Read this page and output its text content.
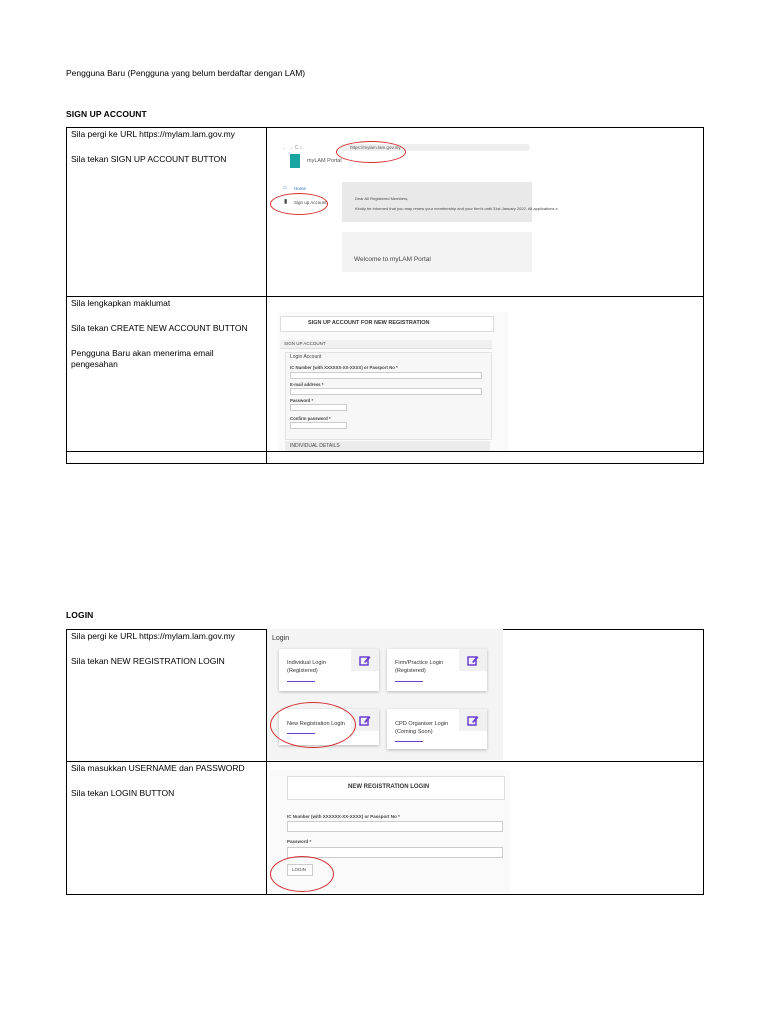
Pengguna Baru (Pengguna yang belum berdaftar dengan LAM)
SIGN UP ACCOUNT
Sila pergi ke URL https://mylam.lam.gov.my
Sila tekan SIGN UP ACCOUNT BUTTON
Sila lengkapkan maklumat
Sila tekan CREATE NEW ACCOUNT BUTTON
Pengguna Baru akan menerima email pengesahan
← → C ⌂	https://mylam.lam.gov.my
myLAM Portal
⌂ Home
▮ Sign up Account
Dear All Registered Members,
Kindly be informed that you may renew your membership and your firm's until 31st January 2022. All applications s
Welcome to myLAM Portal
SIGN UP ACCOUNT FOR NEW REGISTRATION
SIGN UP ACCOUNT
Login Account
IC Number (with XXXXXX-XX-XXXX) or Passport No *
E-mail address *
Password *
Confirm password *
INDIVIDUAL DETAILS
LOGIN
Sila pergi ke URL https://mylam.lam.gov.my
Sila tekan NEW REGISTRATION LOGIN
Sila masukkan USERNAME dan PASSWORD
Sila tekan LOGIN BUTTON
Login
Individual Login
(Registered)
Firm/Practice Login
(Registered)
New Registration Login	CPD Organiser Login
(Coming Soon)
NEW REGISTRATION LOGIN
IC Number (with XXXXXX-XX-XXXX) or Passport No *
Password *
LOGIN
